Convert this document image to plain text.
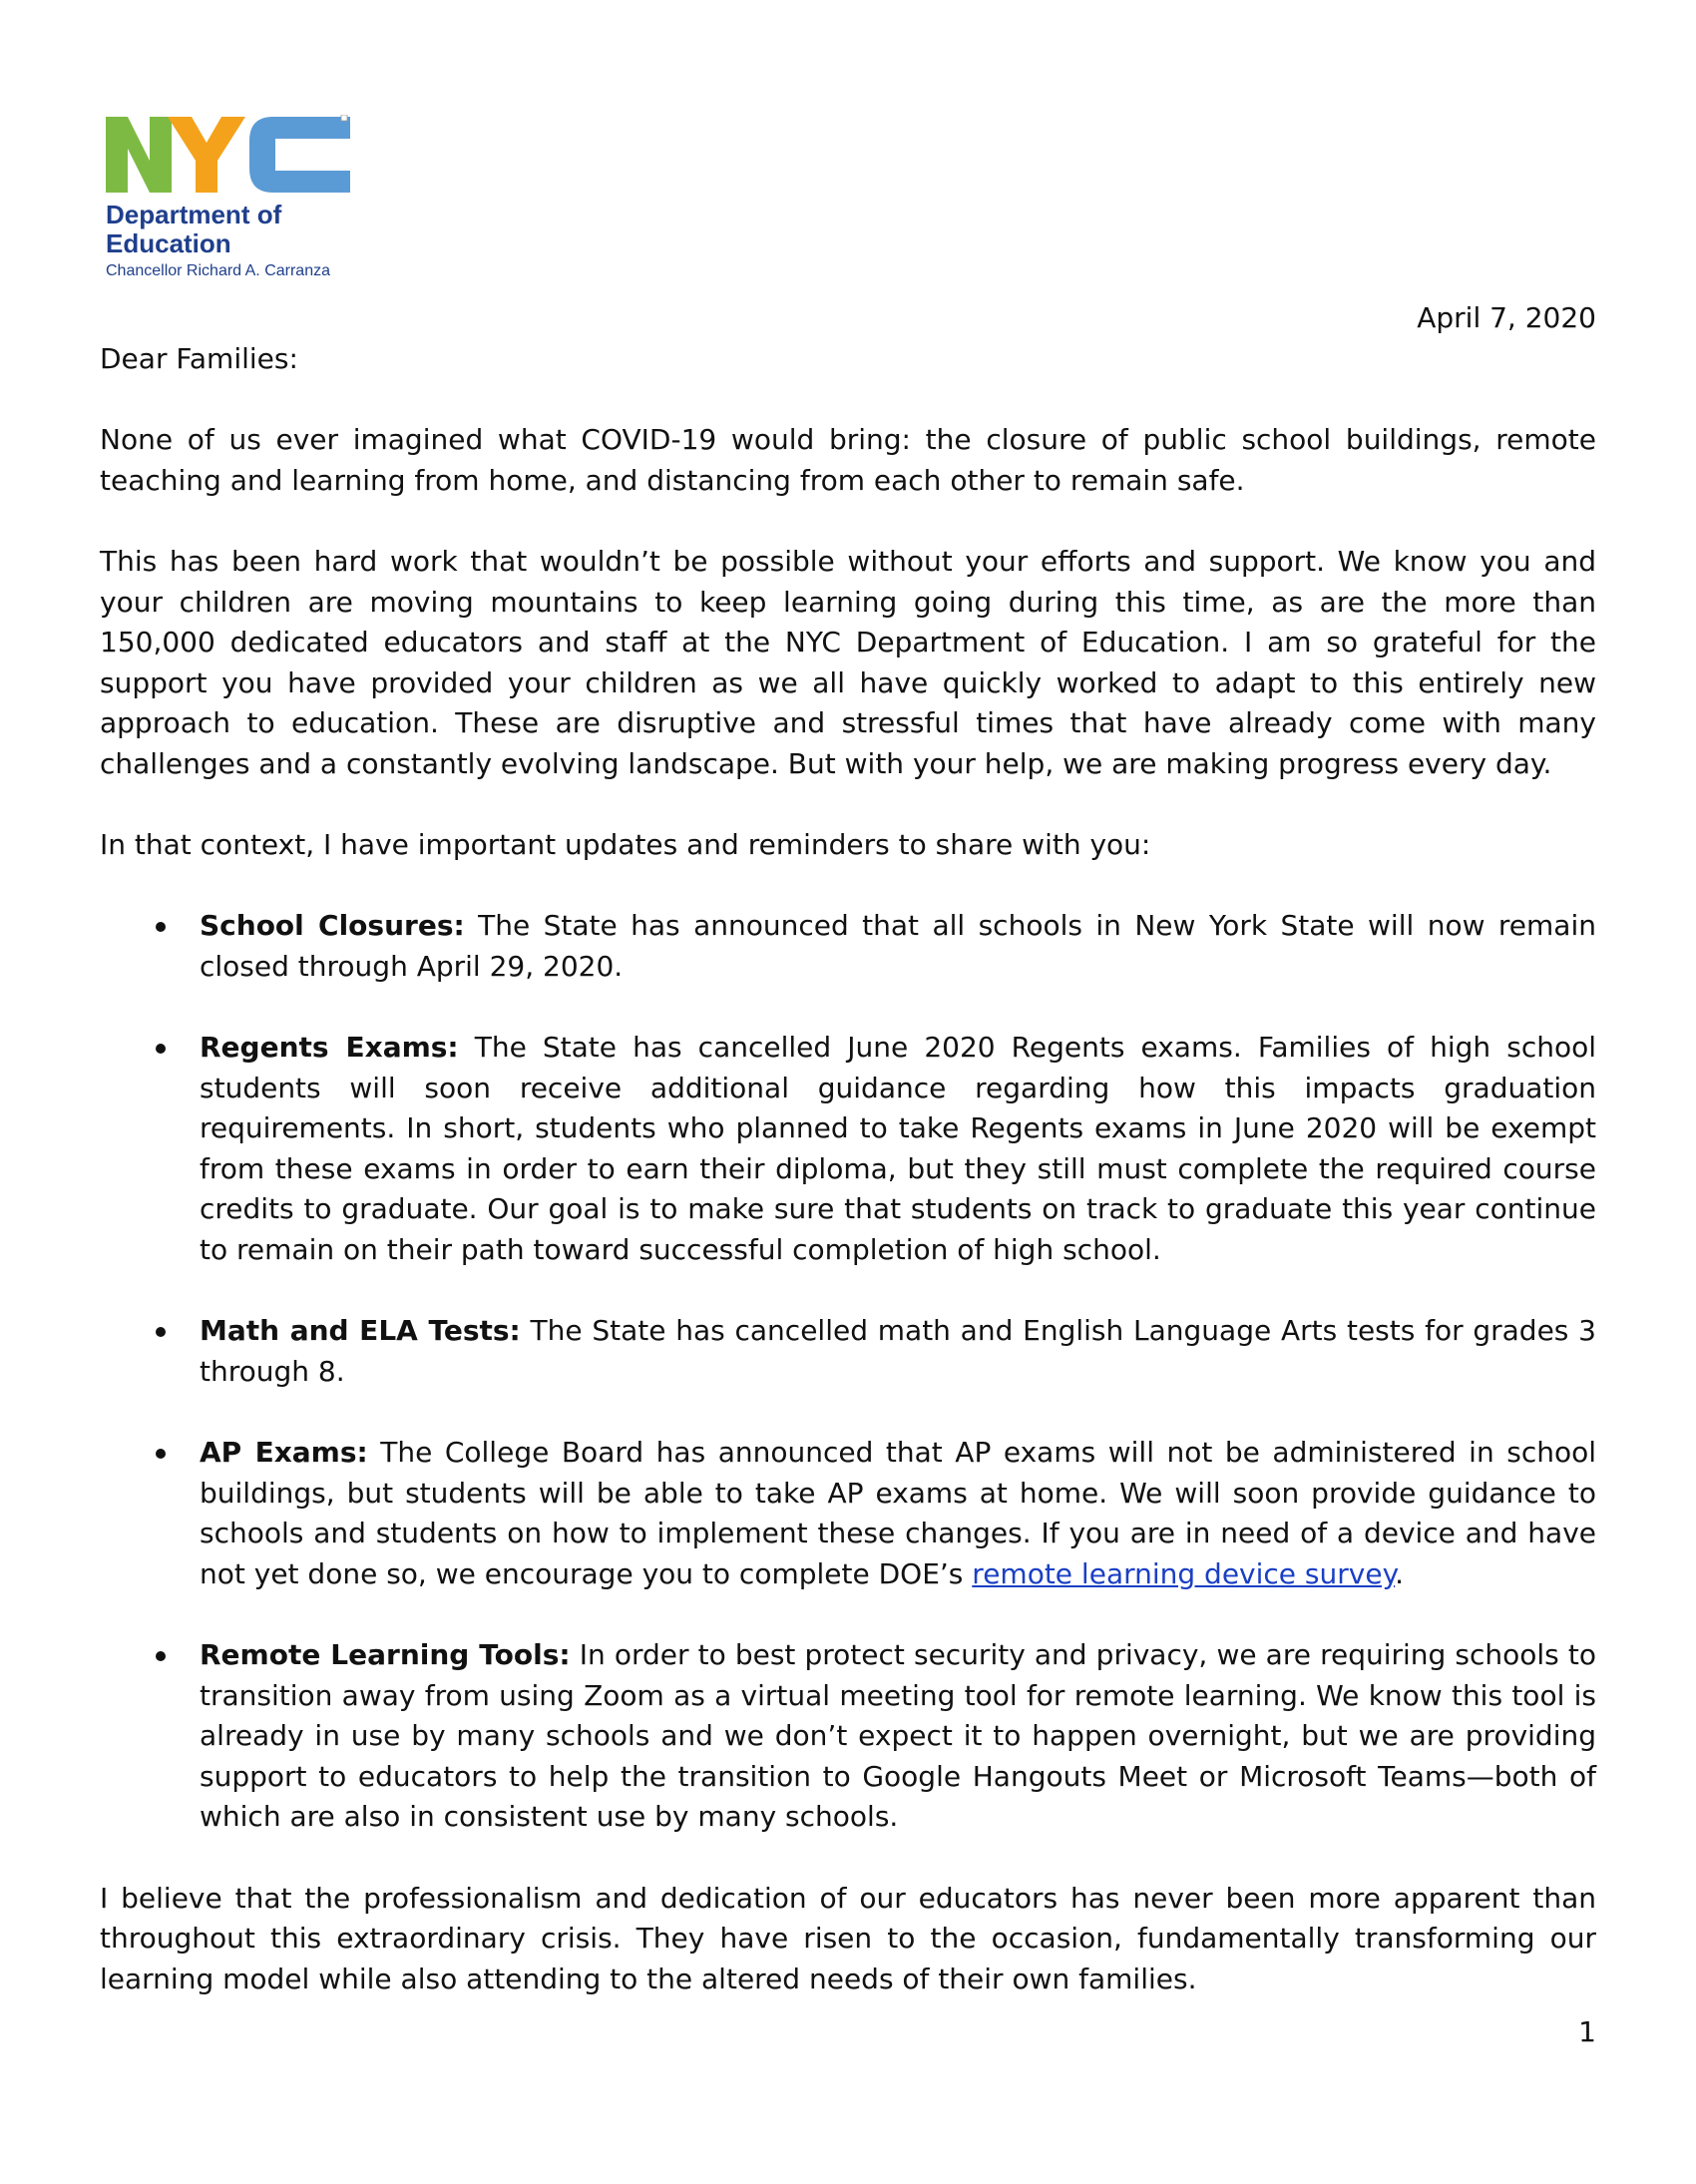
Department of Education
Chancellor Richard A. Carranza
April 7, 2020

Dear Families:

None of us ever imagined what COVID-19 would bring: the closure of public school buildings, remote teaching and learning from home, and distancing from each other to remain safe.

This has been hard work that wouldn’t be possible without your efforts and support. We know you and your children are moving mountains to keep learning going during this time, as are the more than 150,000 dedicated educators and staff at the NYC Department of Education. I am so grateful for the support you have provided your children as we all have quickly worked to adapt to this entirely new approach to education. These are disruptive and stressful times that have already come with many challenges and a constantly evolving landscape. But with your help, we are making progress every day.

In that context, I have important updates and reminders to share with you:

School Closures: The State has announced that all schools in New York State will now remain closed through April 29, 2020.
Regents Exams: The State has cancelled June 2020 Regents exams. Families of high school students will soon receive additional guidance regarding how this impacts graduation requirements. In short, students who planned to take Regents exams in June 2020 will be exempt from these exams in order to earn their diploma, but they still must complete the required course credits to graduate. Our goal is to make sure that students on track to graduate this year continue to remain on their path toward successful completion of high school.
Math and ELA Tests: The State has cancelled math and English Language Arts tests for grades 3 through 8.
AP Exams: The College Board has announced that AP exams will not be administered in school buildings, but students will be able to take AP exams at home. We will soon provide guidance to schools and students on how to implement these changes. If you are in need of a device and have not yet done so, we encourage you to complete DOE’s remote learning device survey.
Remote Learning Tools: In order to best protect security and privacy, we are requiring schools to transition away from using Zoom as a virtual meeting tool for remote learning. We know this tool is already in use by many schools and we don’t expect it to happen overnight, but we are providing support to educators to help the transition to Google Hangouts Meet or Microsoft Teams—both of which are also in consistent use by many schools.

I believe that the professionalism and dedication of our educators has never been more apparent than throughout this extraordinary crisis. They have risen to the occasion, fundamentally transforming our learning model while also attending to the altered needs of their own families.

1
